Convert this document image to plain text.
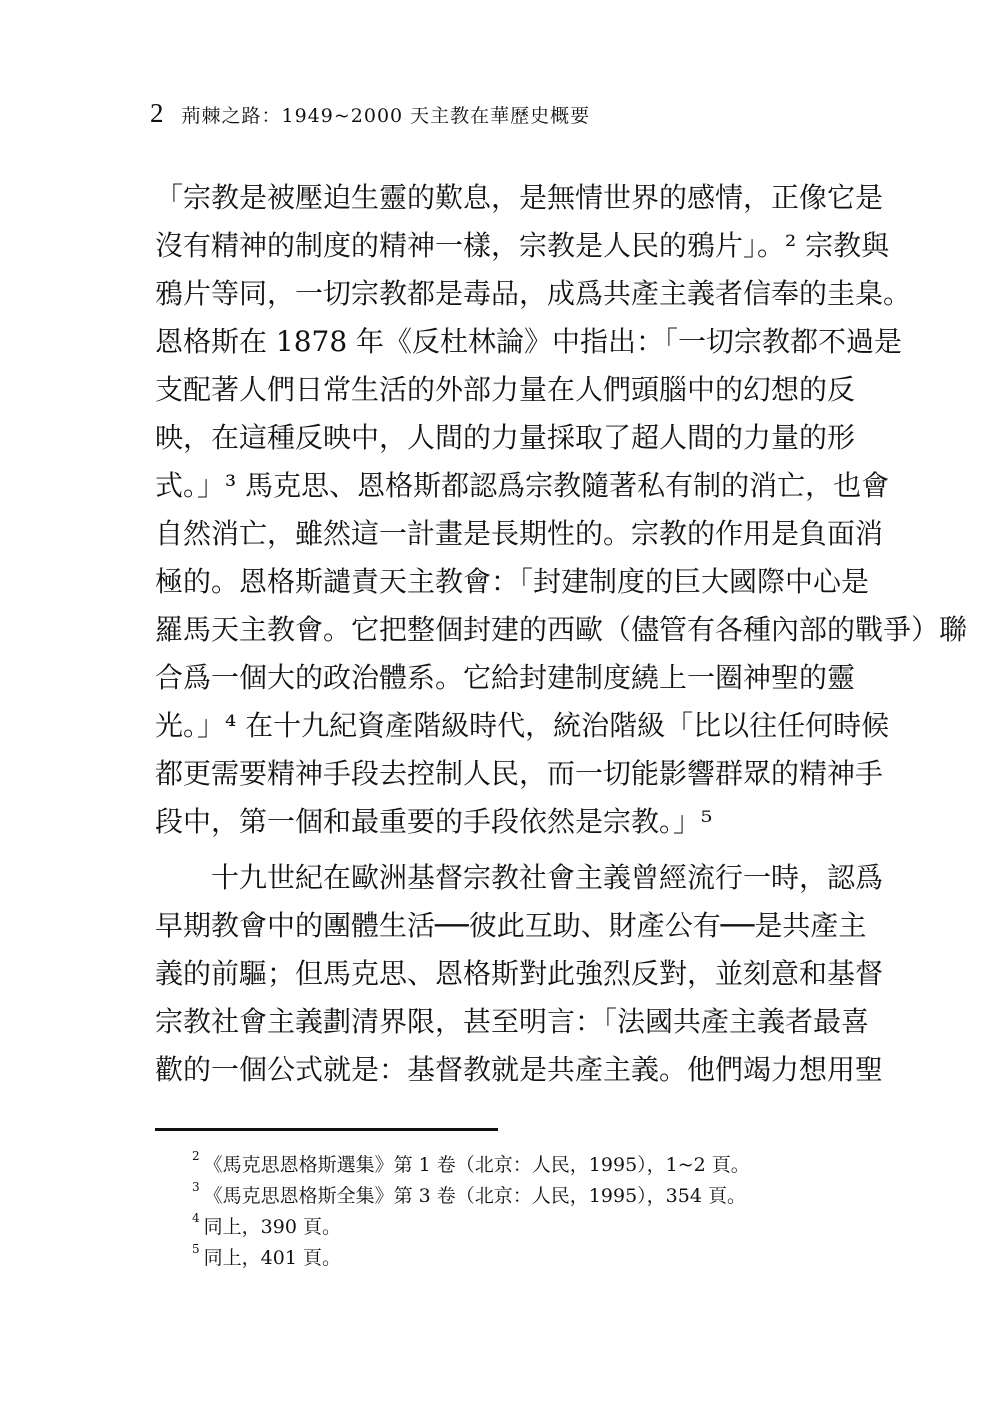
2 荊棘之路：1949~2000 天主教在華歷史概要
「宗教是被壓迫生靈的歎息，是無情世界的感情，正像它是
沒有精神的制度的精神一樣，宗教是人民的鴉片」。² 宗教與
鴉片等同，一切宗教都是毒品，成爲共產主義者信奉的圭臬。
恩格斯在 1878 年《反杜林論》中指出：「一切宗教都不過是
支配著人們日常生活的外部力量在人們頭腦中的幻想的反
映，在這種反映中，人間的力量採取了超人間的力量的形
式。」³ 馬克思、恩格斯都認爲宗教隨著私有制的消亡，也會
自然消亡，雖然這一計畫是長期性的。宗教的作用是負面消
極的。恩格斯譴責天主教會：「封建制度的巨大國際中心是
羅馬天主教會。它把整個封建的西歐（儘管有各種內部的戰爭）聯
合爲一個大的政治體系。它給封建制度繞上一圈神聖的靈
光。」⁴ 在十九紀資產階級時代，統治階級「比以往任何時候
都更需要精神手段去控制人民，而一切能影響群眾的精神手
段中，第一個和最重要的手段依然是宗教。」⁵
十九世紀在歐洲基督宗教社會主義曾經流行一時，認爲
早期教會中的團體生活──彼此互助、財產公有──是共產主
義的前驅；但馬克思、恩格斯對此強烈反對，並刻意和基督
宗教社會主義劃清界限，甚至明言：「法國共產主義者最喜
歡的一個公式就是：基督教就是共產主義。他們竭力想用聖
$^2$ 《馬克思恩格斯選集》第 1 卷（北京：人民，1995），1~2 頁。
$^3$ 《馬克思恩格斯全集》第 3 卷（北京：人民，1995），354 頁。
$^4$ 同上，390 頁。
$^5$ 同上，401 頁。
